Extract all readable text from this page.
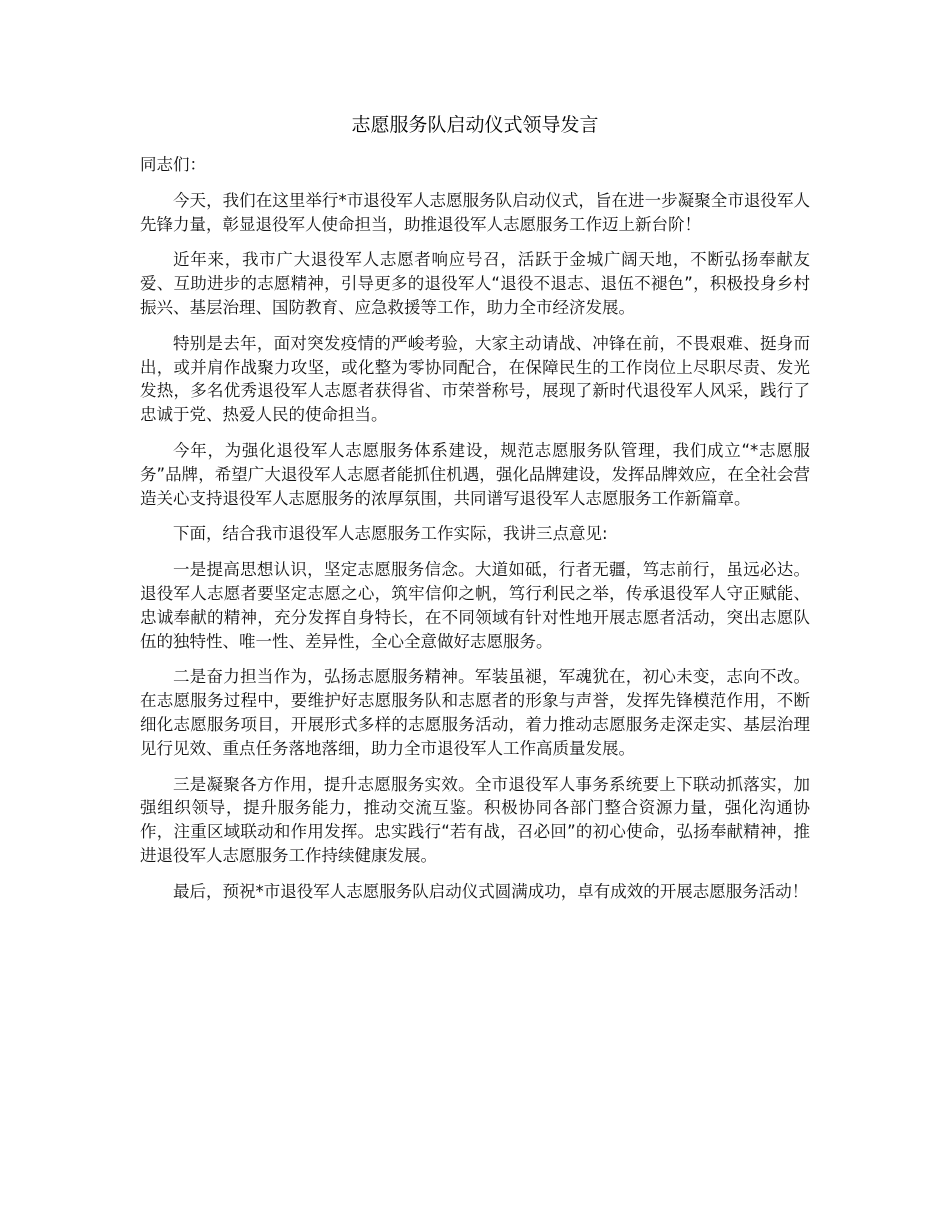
志愿服务队启动仪式领导发言

同志们：

今天，我们在这里举行*市退役军人志愿服务队启动仪式，旨在进一步凝聚全市退役军人先锋力量，彰显退役军人使命担当，助推退役军人志愿服务工作迈上新台阶！

近年来，我市广大退役军人志愿者响应号召，活跃于金城广阔天地，不断弘扬奉献友爱、互助进步的志愿精神，引导更多的退役军人“退役不退志、退伍不褪色”，积极投身乡村振兴、基层治理、国防教育、应急救援等工作，助力全市经济发展。

特别是去年，面对突发疫情的严峻考验，大家主动请战、冲锋在前，不畏艰难、挺身而出，或并肩作战聚力攻坚，或化整为零协同配合，在保障民生的工作岗位上尽职尽责、发光发热，多名优秀退役军人志愿者获得省、市荣誉称号，展现了新时代退役军人风采，践行了忠诚于党、热爱人民的使命担当。

今年，为强化退役军人志愿服务体系建设，规范志愿服务队管理，我们成立“*志愿服务”品牌，希望广大退役军人志愿者能抓住机遇，强化品牌建设，发挥品牌效应，在全社会营造关心支持退役军人志愿服务的浓厚氛围，共同谱写退役军人志愿服务工作新篇章。

下面，结合我市退役军人志愿服务工作实际，我讲三点意见:

一是提高思想认识，坚定志愿服务信念。大道如砥，行者无疆，笃志前行，虽远必达。退役军人志愿者要坚定志愿之心，筑牢信仰之帆，笃行利民之举，传承退役军人守正赋能、忠诚奉献的精神，充分发挥自身特长，在不同领域有针对性地开展志愿者活动，突出志愿队伍的独特性、唯一性、差异性，全心全意做好志愿服务。

二是奋力担当作为，弘扬志愿服务精神。军装虽褪，军魂犹在，初心未变，志向不改。在志愿服务过程中，要维护好志愿服务队和志愿者的形象与声誉，发挥先锋模范作用，不断细化志愿服务项目，开展形式多样的志愿服务活动，着力推动志愿服务走深走实、基层治理见行见效、重点任务落地落细，助力全市退役军人工作高质量发展。

三是凝聚各方作用，提升志愿服务实效。全市退役军人事务系统要上下联动抓落实，加强组织领导，提升服务能力，推动交流互鉴。积极协同各部门整合资源力量，强化沟通协作，注重区域联动和作用发挥。忠实践行“若有战，召必回”的初心使命，弘扬奉献精神，推进退役军人志愿服务工作持续健康发展。

最后，预祝*市退役军人志愿服务队启动仪式圆满成功，卓有成效的开展志愿服务活动！
